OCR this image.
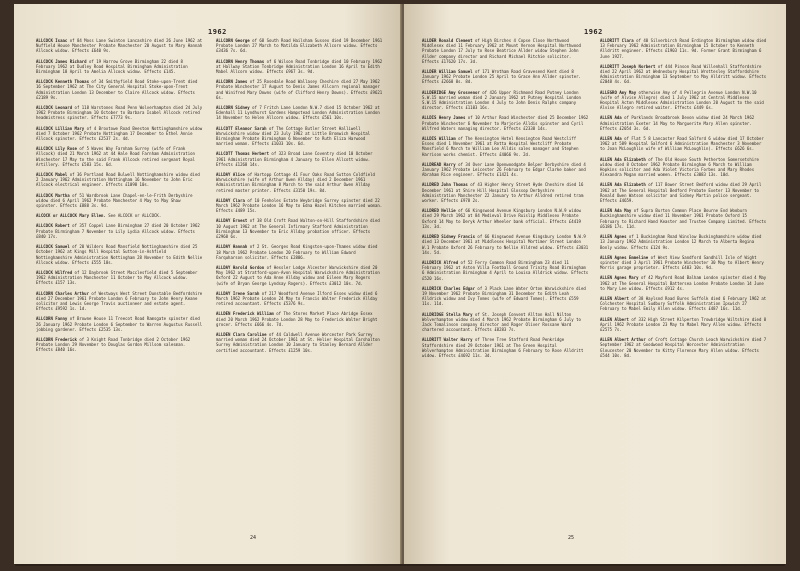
1962

ALLCOCK Isaac of 84 Moss Lane Swinton Lancashire died 26 June 1962 at Nuffield House Manchester Probate Manchester 20 August to Mary Hannah Allcock widow. Effects £640 9s.

ALLCOCK James Richard of 19 Harrow Grove Birmingham 22 died 8 February 1962 at Dudley Road Hospital Birmingham Administration Birmingham 18 April to Amelia Allcock widow. Effects £145.

ALLCOCK Kenneth Thomas of 34 Smithyfield Road Stoke-upon-Trent died 16 September 1962 at The City General Hospital Stoke-upon-Trent Administration London 13 December to Claire Allcock widow. Effects £2189 9s.

ALLCOCK Leonard of 118 Warstones Road Penn Wolverhampton died 24 July 1962 Probate Birmingham 10 October to Barbara Isabel Allcock retired headmistress spinster. Effects £7773 9s.

ALLCOCK Lillian Mary of 4 Broxtowe Road Beeston Nottinghamshire widow died 7 October 1962 Probate Nottingham 17 December to Ethel Annie Allcock spinster. Effects £2537 2s. 4d.

ALLCOCK Lily Rose of 5 Waves Way Farnham Surrey (wife of Frank Allcock) died 21 March 1962 at 44 Hale Road Farnham Administration Winchester 17 May to the said Frank Allcock retired sergeant Royal Artillery. Effects £583 15s. 6d.

ALLCOCK Mabel of 36 Portland Road Bulwell Nottinghamshire widow died 2 January 1962 Administration Nottingham 16 November to John Eric Allcock electrical engineer. Effects £1098 10s.

ALLCOCK Martha of 51 Wardbrook Lane Chapel-en-le-Frith Derbyshire widow died 6 April 1962 Probate Manchester 4 May to May Shaw spinster. Effects £888 3s. 9d.

ALCOCK or ALLCOCK Mary Ellen. See ALCOCK or ALLCOCK.

ALLCOCK Robert of 357 Coppel Lane Birmingham 27 died 20 October 1962 Probate Birmingham 7 November to Lily Lydia Allcock widow. Effects £840 17s.

ALLCOCK Samuel of 20 Wilders Road Mansfield Nottinghamshire died 25 October 1962 at Kings Mill Hospital Sutton-in-Ashfield Nottinghamshire Administration Nottingham 28 November to Edith Nellie Allcock widow. Effects £555 18s.

ALLCOCK Wilfred of 12 Daybrook Street Macclesfield died 5 September 1962 Administration Manchester 11 October to May Allcock widow. Effects £157 13s.

ALLCORN Charles Arthur of Westways West Street Dunstable Bedfordshire died 27 December 1961 Probate London 6 February to John Henry Keane solicitor and Lewis George Travis auctioneer and estate agent. Effects £9592 1s. 1d.

ALLCORN Fanny of Browne House 11 Treecot Road Ramsgate spinster died 26 January 1962 Probate London 6 September to Warren Augustus Russell jobbing gardener. Effects £2535 13s.

ALLCORN Frederick of 3 Knight Road Tonbridge died 2 October 1962 Probate London 29 November to Douglas Gordon Millsom salesman. Effects £840 16s.

ALLCORN George of 68 South Road Hailsham Sussex died 19 December 1961 Probate London 27 March to Matilda Elizabeth Allcorn widow. Effects £3436 7s. 6d.

ALLCORN Henry Thomas of 6 Wilson Road Tonbridge died 10 February 1962 at Hallway Station Tonbridge Administration London 16 April to Edith Mabel Allcorn widow. Effects £967 3s. 9d.

ALLCORN James of 25 Rosedale Road Wallasey Cheshire died 27 May 1962 Probate Winchester 17 August to Denis James Allcorn regional manager and Winifred Mary Downs (wife of Clifford Henry Downs). Effects £9621 6s.

ALLCORN Sidney of 7 Fritch Lane London N.W.7 died 15 October 1962 at Edenhall 11 Lyndhurst Gardens Hampstead London Administration London 14 November to Helen Allcorn widow. Effects £561 10s.

ALLCOTT Eleanor Sarah of The Cottage Butler Street Halliwell Warwickshire widow died 23 July 1962 at Little Bromwich Hospital Birmingham Probate Birmingham 6 November to Ruth Eliza Harwood married woman. Effects £1033 10s. 6d.

ALLCOTT Thomas Herbert of 323 Broad Lane Coventry died 10 October 1961 Administration Birmingham 4 January to Ellen Allcott widow. Effects £1268 14s.

ALLDAY Alice of Hartopp Cottage 41 Four Oaks Road Sutton Coldfield Warwickshire (wife of Arthur Owen Allday) died 2 December 1961 Administration Birmingham 8 March to the said Arthur Owen Allday retired master printer. Effects £3150 19s. 8d.

ALLDAY Clara of 10 Fenholes Estate Weybridge Surrey spinster died 22 March 1962 Probate London 16 May to Edna Hazel Kitchen married woman. Effects £489 15s.

ALLDAY Ernest of 38 Old Croft Road Walton-on-Hill Staffordshire died 10 August 1962 at The General Infirmary Stafford Administration Birmingham 13 November to Eric Allday probation officer. Effects £2968 6s.

ALLDAY Hannah of 2 St. Georges Road Kingston-upon-Thames widow died 18 March 1962 Probate London 20 February to William Edward Farquharson solicitor. Effects £2886.

ALLDAY Harold Gordon of Hessler Lodge Alcester Warwickshire died 20 May 1962 at Stratford-upon-Avon Hospital Warwickshire Administration Oxford 22 August to Ada Anne Allday widow and Eileen Mary Rogers (wife of Bryan George Lyndsay Rogers). Effects £3012 10s. 7d.

ALLDAY Irene Sarah of 217 Woodford Avenue Ilford Essex widow died 6 March 1962 Probate London 24 May to Francis Walter Frederick Allday retired accountant. Effects £5376 9s.

ALLDEN Frederick William of The Stores Market Place Abridge Essex died 20 March 1962 Probate London 28 May to Frederick Walter Bright grocer. Effects £666 4s. 7d.

ALLDEN Clara Caroline of 44 Caldwell Avenue Worcester Park Surrey married woman died 24 October 1961 at St. Helier Hospital Carshalton Surrey Administration London 10 January to Stanley Bernard Allder certified accountant. Effects £1259 10s.

24
1962

ALLDER Ronald Clement of High Birches 4 Copse Close Northwood Middlesex died 11 February 1962 at Mount Vernon Hospital Northwood Probate London 17 July to Rose Beatrice Allder widow Stephen John Allder company director and Richard Michael Ritchie solicitor. Effects £17620 17s. 3d.

ALLDER William Samuel of 171 Wrotham Road Gravesend Kent died 8 January 1962 Probate London 25 April to Grace Ann Allder spinster. Effects £2668 8s. 8d.

ALLDERIDGE Amy Grosvenor of 426 Upper Richmond Road Putney London S.W.15 married woman died 2 January 1962 at Putney Hospital London S.W.15 Administration London 4 July to John Denis Ralphs company director. Effects £1103 16s.

ALLDIS Henry James of 10 Arthur Road Winchester died 25 December 1962 Probate Winchester 6 November to Marjorie Alldis spinster and Cyril Wilfred Waters managing director. Effects £2338 14s.

ALLDIS William of The Kensington Hotel Kensington Road Westcliff Essex died 1 November 1961 at Rotta Hospital Westcliff Probate Mansfield 6 March to William Leo Alldis sales manager and Stephen Harrison works chemist. Effects £4066 9s. 2d.

ALLDREAD Harry of 34 Over Lane Openwoodgate Belper Derbyshire died 4 January 1962 Probate Leicester 26 February to Edgar Clarke baker and Abraham Rice engineer. Effects £1421 4s.

ALLDRED John Thomas of 43 Higher Henry Street Hyde Cheshire died 16 December 1961 at Shire Hill Hospital Glossop Derbyshire Administration Manchester 22 January to Arthur Alldred retired tram worker. Effects £978 2s.

ALLDRED Nellie of 66 Kingswood Avenue Kingsbury London N.W.9 widow died 29 March 1962 at 84 Medieval Drive Ruislip Middlesex Probate Oxford 14 May to Deryk Arthur Wheeler bank official. Effects £4419 13s. 3d.

ALLDRED Sidney Francis of 66 Kingswood Avenue Kingsbury London N.W.9 died 13 December 1961 at Middlesex Hospital Mortimer Street London W.1 Probate Oxford 26 February to Nellie Alldred widow. Effects £3031 14s. 5d.

ALLDRICK Alfred of 52 Ferry Common Road Birmingham 23 died 11 February 1962 at Aston Villa Football Ground Trinity Road Birmingham 6 Administration Birmingham 4 April to Louisa Alldrick widow. Effects £520 16s.

ALLDRICK Charles Edgar of 3 Plack Lane Water Orton Warwickshire died 19 November 1962 Probate Birmingham 31 December to Edith Leah Alldrick widow and Ivy Tomes (wife of Edward Tomes). Effects £559 11s. 11d.

ALLDRIDGE Stella Mary of St. Joseph Convent Allton Hall Nilton Wolverhampton widow died 4 March 1962 Probate Birmingham 6 July to Jack Tomalinson company director and Roger Oliver Rossane Ward chartered accountant. Effects £8283 7s.

ALLDRITT Walter Harry of Three Tree Stafford Road Penkridge Staffordshire died 29 October 1961 at The Green Hospital Wolverhampton Administration Birmingham 6 February to Rose Alldritt widow. Effects £4692 11s. 3d.

ALLDRITT Clara of 40 Silverbirch Road Erdington Birmingham widow died 13 February 1962 Administration Birmingham 15 October to Kenneth Alldritt engineer. Effects £1903 11s. 9d. Former Grant Birmingham 6 June 1927.

ALLDRITT Joseph Norbert of 444 Pinson Road Willenhall Staffordshire died 22 April 1962 at Wednesbury Hospital Wrottesley Staffordshire Administration Birmingham 13 September to May Alldritt widow. Effects £2048 4s. 6d.

ALLEGRO Amy May otherwise Amy of 4 Pellegrin Avenue London N.W.10 (wife of Alvise Allegro) died 1 July 1962 at Central Middlesex Hospital Acton Middlesex Administration London 20 August to the said Alvise Allegro retired waiter. Effects £449 6s.

ALLEN Ada of Parklands Broadbrook Devon widow died 24 March 1962 Administration Exeter 14 May to Marguerite Mary Allen spinster. Effects £2054 3s. 6d.

ALLEN Ada of Flat 5 8 Lancaster Road Salford 6 widow died 17 October 1962 at 589 Hospital Salford 6 Administration Manchester 3 November to Joan McLoughlin wife of William McLoughlin). Effects £626 6s.

ALLEN Ada Elizabeth of The Old House South Petherton Somersetshire widow died 8 October 1962 Probate Birmingham 6 March to William Hopkins solicitor and Ada Violet Victoria Forbes and Mary Rhodes Alexandra Mogan married women. Effects £3083 13s. 10d.

ALLEN Ada Elizabeth of 117 Bower Street Bedford widow died 29 April 1962 at The General Hospital Bedford Probate Exeter 13 November to Ronald Owen Watson solicitor and Sidney Martin police sergeant. Effects £4659.

ALLEN Ada May of Supra Burton Common Place Bourne End Wooburn Buckinghamshire widow died 11 November 1961 Probate Oxford 15 February to Richard Hand Keaster and Trustee Company Limited. Effects £6186 17s. 11d.

ALLEN Agnes of 1 Buckingham Road Winslow Buckinghamshire widow died 13 January 1962 Administration London 12 March to Alberta Regina Bonly widow. Effects £124 9s.

ALLEN Agnes Emmeline of West View Sandford Sandhill Isle of Wight spinster died 3 April 1961 Probate Winchester 30 May to Albert Henry Morris garage proprietor. Effects £403 10s. 9d.

ALLEN Agnes Mary of 42 Mayford Road Balham London spinster died 4 May 1962 at The General Hospital Battersea London Probate London 14 June to Mary Lee widow. Effects £912 4s.

ALLEN Albert of 38 Haylsnd Road Bures Suffolk died 6 February 1962 at Colchester Hospital Sudbury Suffolk Administration Ipswich 27 February to Mabel Emily Allen widow. Effects £487 16s. 11d.

ALLEN Albert of 332 High Street Kilperton Trowbridge Wiltshire died 8 April 1962 Probate London 23 May to Mabel Mary Allen widow. Effects £2575 7s.

ALLEN Albert Arthur of Croft Cottage Church Leach Warwickshire died 7 September 1962 at Goodwood Hospital Worcester Administration Gloucester 20 November to Kitty Florence Mary Allen widow. Effects £544 10s. 8d.

25
